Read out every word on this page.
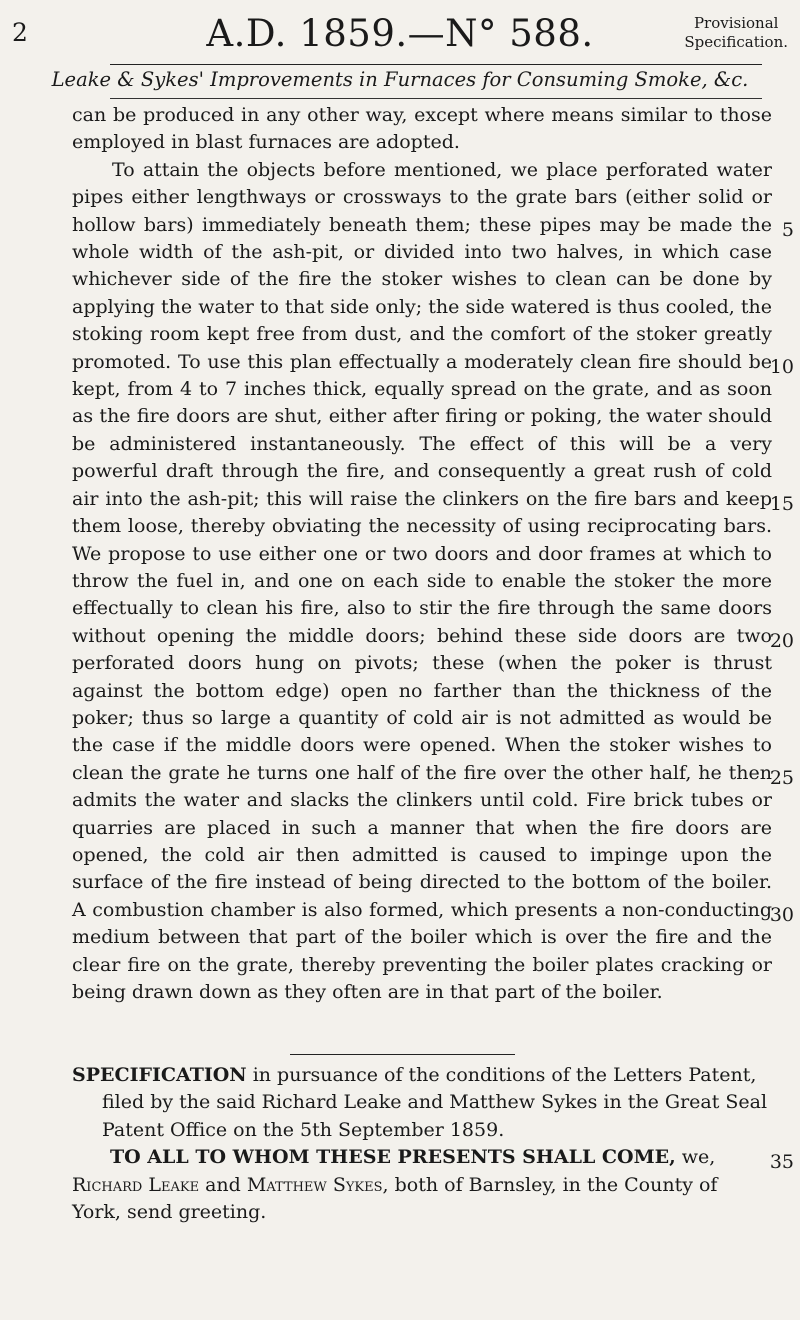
2	A.D. 1859.—N° 588.	Provisional
Specification.
Leake & Sykes' Improvements in Furnaces for Consuming Smoke, &c.

can be produced in any other way, except where means similar to those employed in blast furnaces are adopted.

To attain the objects before mentioned, we place perforated water pipes either lengthways or crossways to the grate bars (either solid or hollow bars) immediately beneath them; these pipes may be made the whole width of the ash-pit, or divided into two halves, in which case whichever side of the fire the stoker wishes to clean can be done by applying the water to that side only; the side watered is thus cooled, the stoking room kept free from dust, and the comfort of the stoker greatly promoted. To use this plan effectually a moderately clean fire should be kept, from 4 to 7 inches thick, equally spread on the grate, and as soon as the fire doors are shut, either after firing or poking, the water should be administered instantaneously. The effect of this will be a very powerful draft through the fire, and consequently a great rush of cold air into the ash-pit; this will raise the clinkers on the fire bars and keep them loose, thereby obviating the necessity of using reciprocating bars. We propose to use either one or two doors and door frames at which to throw the fuel in, and one on each side to enable the stoker the more effectually to clean his fire, also to stir the fire through the same doors without opening the middle doors; behind these side doors are two perforated doors hung on pivots; these (when the poker is thrust against the bottom edge) open no farther than the thickness of the poker; thus so large a quantity of cold air is not admitted as would be the case if the middle doors were opened. When the stoker wishes to clean the grate he turns one half of the fire over the other half, he then admits the water and slacks the clinkers until cold. Fire brick tubes or quarries are placed in such a manner that when the fire doors are opened, the cold air then admitted is caused to impinge upon the surface of the fire instead of being directed to the bottom of the boiler. A combustion chamber is also formed, which presents a non-conducting medium between that part of the boiler which is over the fire and the clear fire on the grate, thereby preventing the boiler plates cracking or being drawn down as they often are in that part of the boiler.

5
10
15
20
25
30
35

SPECIFICATION in pursuance of the conditions of the Letters Patent, filed by the said Richard Leake and Matthew Sykes in the Great Seal Patent Office on the 5th September 1859.

TO ALL TO WHOM THESE PRESENTS SHALL COME, we, Richard Leake and Matthew Sykes, both of Barnsley, in the County of York, send greeting.
